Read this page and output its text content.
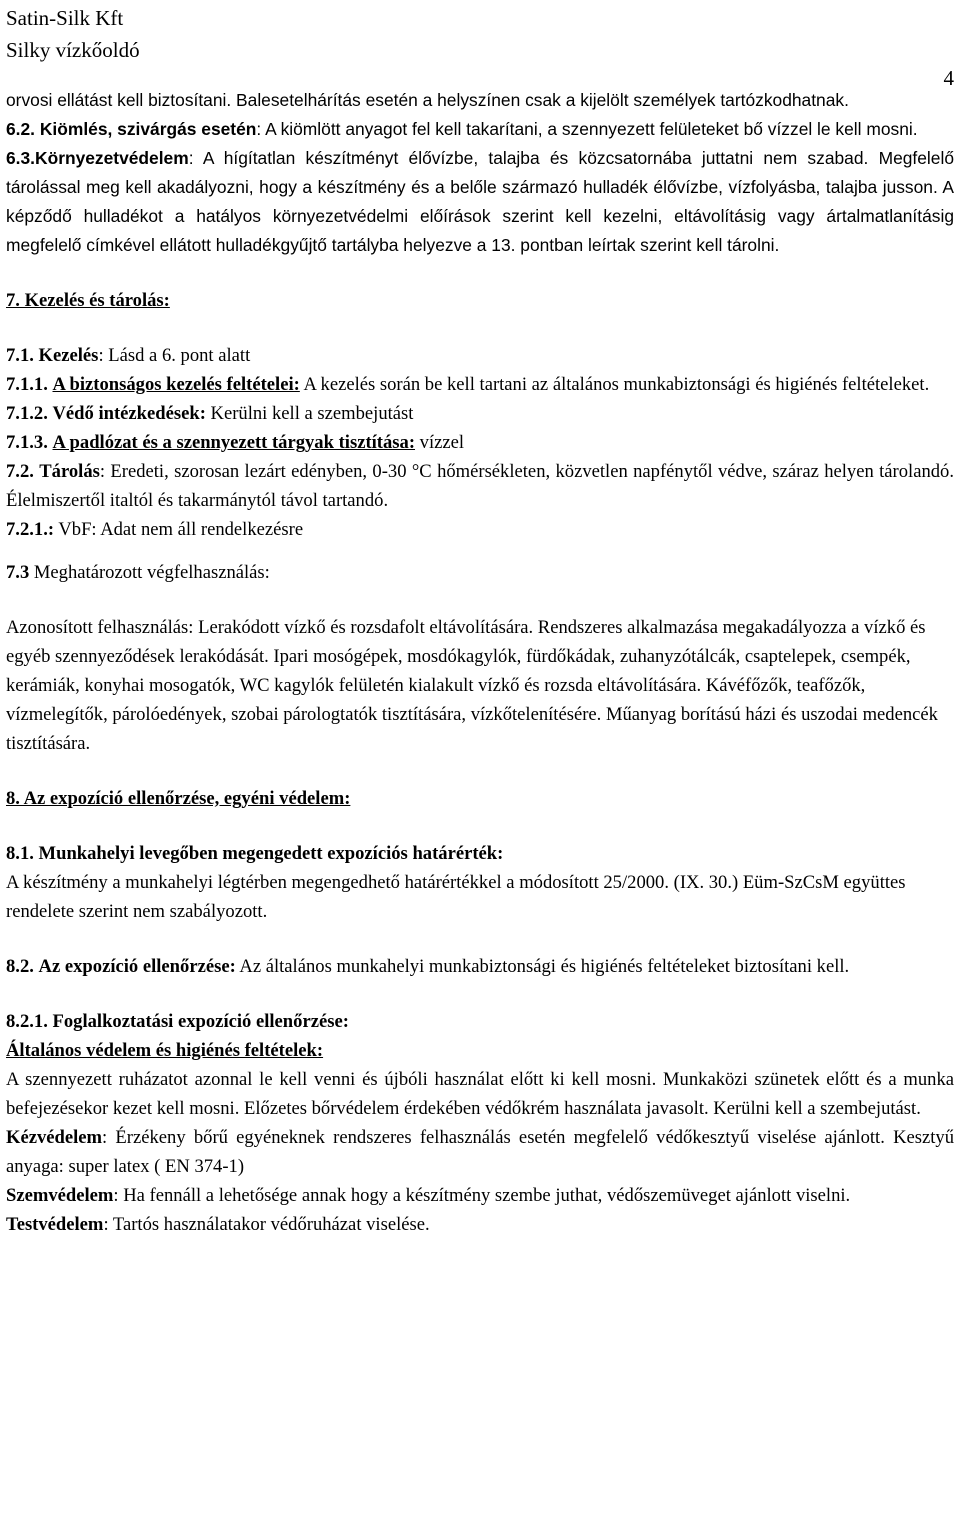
Satin-Silk Kft

Silky vízkőoldó

4

orvosi ellátást kell biztosítani. Balesetelhárítás esetén a helyszínen csak a kijelölt személyek tartózkodhatnak.

6.2. Kiömlés, szivárgás esetén: A kiömlött anyagot fel kell takarítani, a szennyezett felületeket bő vízzel le kell mosni.

6.3.Környezetvédelem: A hígítatlan készítményt élővízbe, talajba és közcsatornába juttatni nem szabad. Megfelelő tárolással meg kell akadályozni, hogy a készítmény és a belőle származó hulladék élővízbe, vízfolyásba, talajba jusson. A képződő hulladékot a hatályos környezetvédelmi előírások szerint kell kezelni, eltávolításig vagy ártalmatlanításig megfelelő címkével ellátott hulladékgyűjtő tartályba helyezve a 13. pontban leírtak szerint kell tárolni.

7. Kezelés és tárolás:

7.1. Kezelés: Lásd a 6. pont alatt

7.1.1. A biztonságos kezelés feltételei: A kezelés során be kell tartani az általános munkabiztonsági és higiénés feltételeket.

7.1.2. Védő intézkedések: Kerülni kell a szembejutást

7.1.3. A padlózat és a szennyezett tárgyak tisztítása: vízzel

7.2. Tárolás: Eredeti, szorosan lezárt edényben, 0-30 °C hőmérsékleten, közvetlen napfénytől védve, száraz helyen tárolandó. Élelmiszertől italtól és takarmánytól távol tartandó.

7.2.1.: VbF: Adat nem áll rendelkezésre

7.3 Meghatározott végfelhasználás:

Azonosított felhasználás: Lerakódott vízkő és rozsdafolt eltávolítására. Rendszeres alkalmazása megakadályozza a vízkő és egyéb szennyeződések lerakódását. Ipari mosógépek, mosdókagylók, fürdőkádak, zuhanyzótálcák, csaptelepek, csempék, kerámiák, konyhai mosogatók, WC kagylók felületén kialakult vízkő és rozsda eltávolítására. Kávéfőzők, teafőzők, vízmelegítők, párolóedények, szobai párologtatók tisztítására, vízkőtelenítésére. Műanyag borítású házi és uszodai medencék tisztítására.

8. Az expozíció ellenőrzése, egyéni védelem:

8.1. Munkahelyi levegőben megengedett expozíciós határérték:

A készítmény a munkahelyi légtérben megengedhető határértékkel a módosított 25/2000. (IX. 30.) Eüm-SzCsM együttes rendelete szerint nem szabályozott.

8.2. Az expozíció ellenőrzése: Az általános munkahelyi munkabiztonsági és higiénés feltételeket biztosítani kell.

8.2.1. Foglalkoztatási expozíció ellenőrzése:

Általános védelem és higiénés feltételek:

A szennyezett ruházatot azonnal le kell venni és újbóli használat előtt ki kell mosni. Munkaközi szünetek előtt és a munka befejezésekor kezet kell mosni. Előzetes bőrvédelem érdekében védőkrém használata javasolt. Kerülni kell a szembejutást.

Kézvédelem: Érzékeny bőrű egyéneknek rendszeres felhasználás esetén megfelelő védőkesztyű viselése ajánlott. Kesztyű anyaga: super latex ( EN 374-1)

Szemvédelem: Ha fennáll a lehetősége annak hogy a készítmény szembe juthat, védőszemüveget ajánlott viselni.

Testvédelem: Tartós használatakor védőruházat viselése.
